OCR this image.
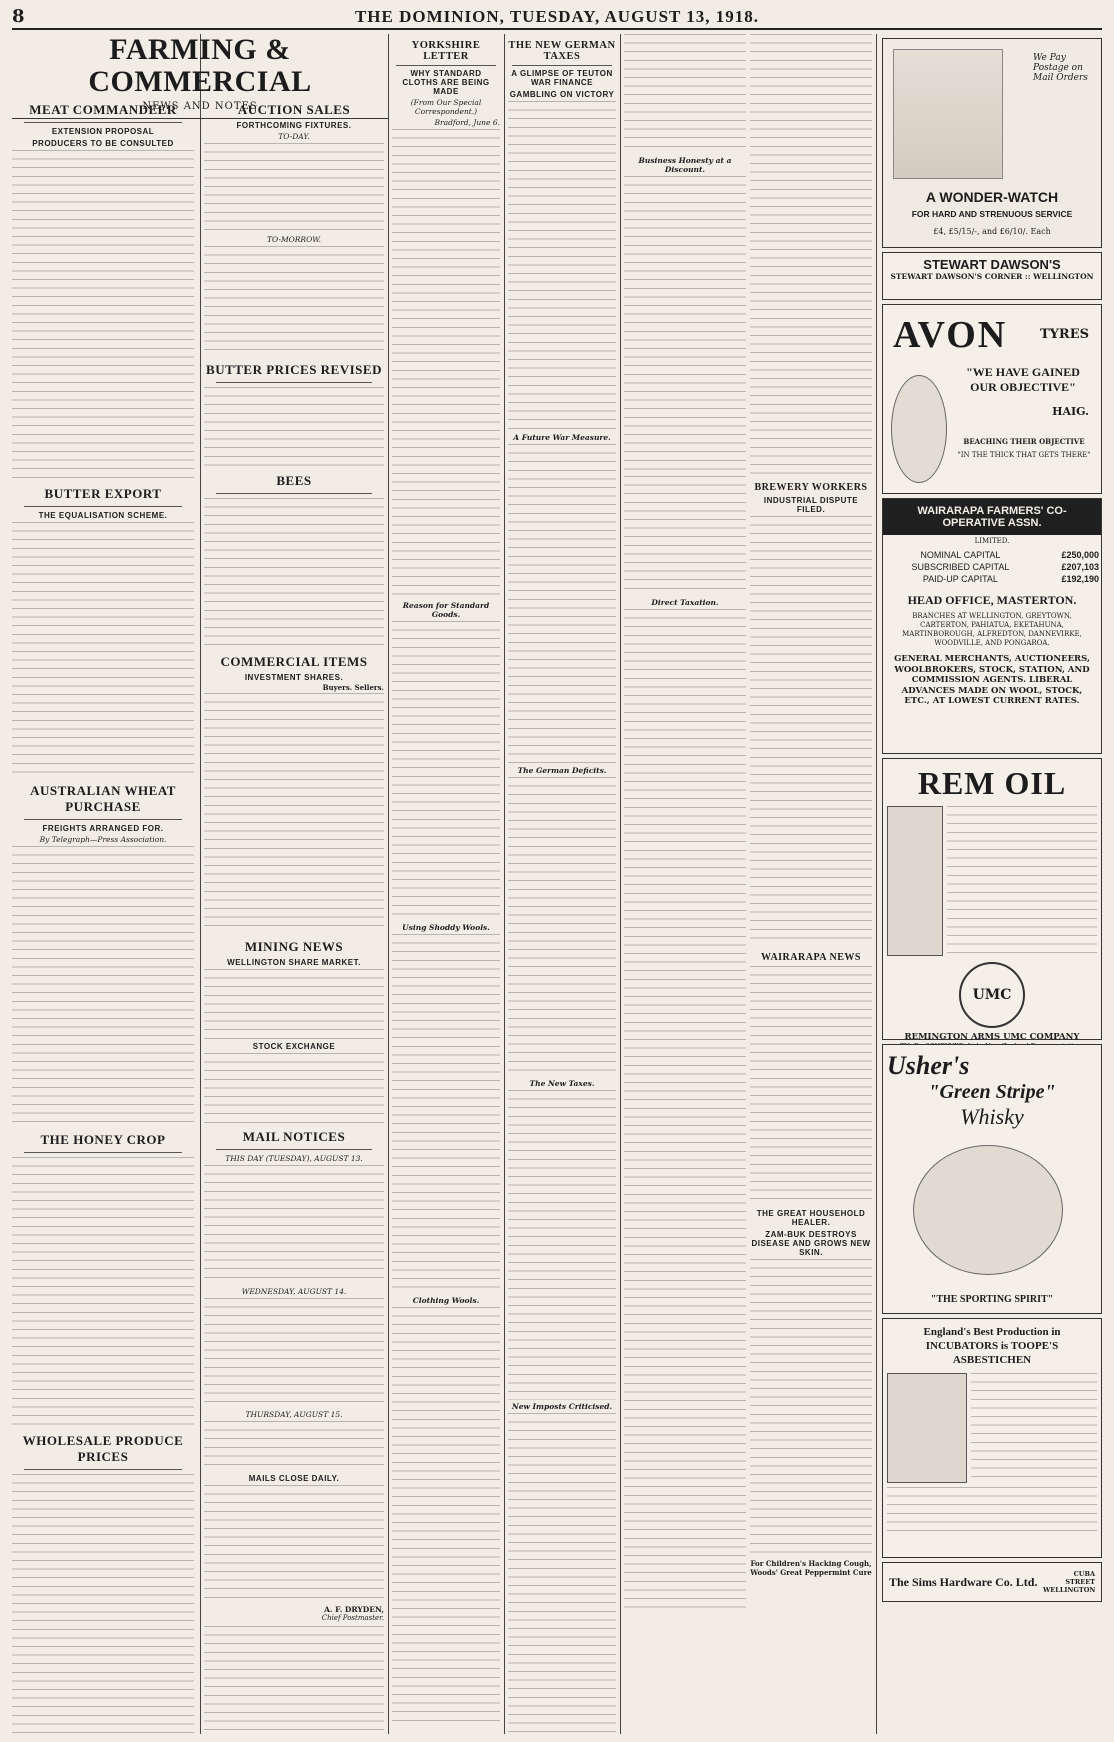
8	THE DOMINION, TUESDAY, AUGUST 13, 1918.
FARMING & COMMERCIAL
NEWS AND NOTES
MEAT COMMANDEER
EXTENSION PROPOSAL
PRODUCERS TO BE CONSULTED
BUTTER EXPORT
THE EQUALISATION SCHEME.
AUSTRALIAN WHEAT PURCHASE
FREIGHTS ARRANGED FOR.
By Telegraph—Press Association.
THE HONEY CROP
WHOLESALE PRODUCE PRICES
AUCTION SALES
FORTHCOMING FIXTURES.
TO-DAY.
TO-MORROW.
BUTTER PRICES REVISED
BEES
COMMERCIAL ITEMS
INVESTMENT SHARES.
Buyers. Sellers.
MINING NEWS
WELLINGTON SHARE MARKET.
STOCK EXCHANGE
MAIL NOTICES
THIS DAY (TUESDAY), AUGUST 13.
WEDNESDAY, AUGUST 14.
THURSDAY, AUGUST 15.
MAILS CLOSE DAILY.
A. F. DRYDEN,
Chief Postmaster.
YORKSHIRE LETTER
WHY STANDARD CLOTHS ARE BEING MADE
(From Our Special Correspondent.)
Bradford, June 6.
Reason for Standard Goods.
Using Shoddy Wools.
Clothing Wools.
THE NEW GERMAN TAXES
A GLIMPSE OF TEUTON WAR FINANCE
GAMBLING ON VICTORY
A Future War Measure.
The German Deficits.
The New Taxes.
New Imposts Criticised.
Business Honesty at a Discount.
Direct Taxation.
BREWERY WORKERS
INDUSTRIAL DISPUTE FILED.
WAIRARAPA NEWS
THE GREAT HOUSEHOLD HEALER.
ZAM-BUK DESTROYS DISEASE AND GROWS NEW SKIN.
For Children's Hacking Cough, Woods' Great Peppermint Cure
We Pay Postage on Mail Orders
A WONDER-WATCH
FOR HARD AND STRENUOUS SERVICE
£4, £5/15/-, and £6/10/. Each
STEWART DAWSON'S
STEWART DAWSON'S CORNER :: WELLINGTON
AVON	TYRES
"WE HAVE GAINED OUR OBJECTIVE"
HAIG.
BEACHING THEIR OBJECTIVE
"IN THE THICK THAT GETS THERE"
WAIRARAPA FARMERS' CO-OPERATIVE ASSN.
LIMITED.
NOMINAL CAPITAL	£250,000
SUBSCRIBED CAPITAL	£207,103
PAID-UP CAPITAL	£192,190
HEAD OFFICE, MASTERTON.
BRANCHES AT WELLINGTON, GREYTOWN, CARTERTON, PAHIATUA, EKETAHUNA, MARTINBOROUGH, ALFREDTON, DANNEVIRKE, WOODVILLE, AND PONGAROA.
GENERAL MERCHANTS, AUCTIONEERS, WOOLBROKERS, STOCK, STATION, AND COMMISSION AGENTS. LIBERAL ADVANCES MADE ON WOOL, STOCK, ETC., AT LOWEST CURRENT RATES.
REM OIL
UMC
REMINGTON ARMS UMC COMPANY
Usher's
"Green Stripe"
Whisky
"THE SPORTING SPIRIT"
England's Best Production in INCUBATORS is TOOPE'S ASBESTICHEN
The Sims Hardware Co. Ltd.
CUBA STREET WELLINGTON
